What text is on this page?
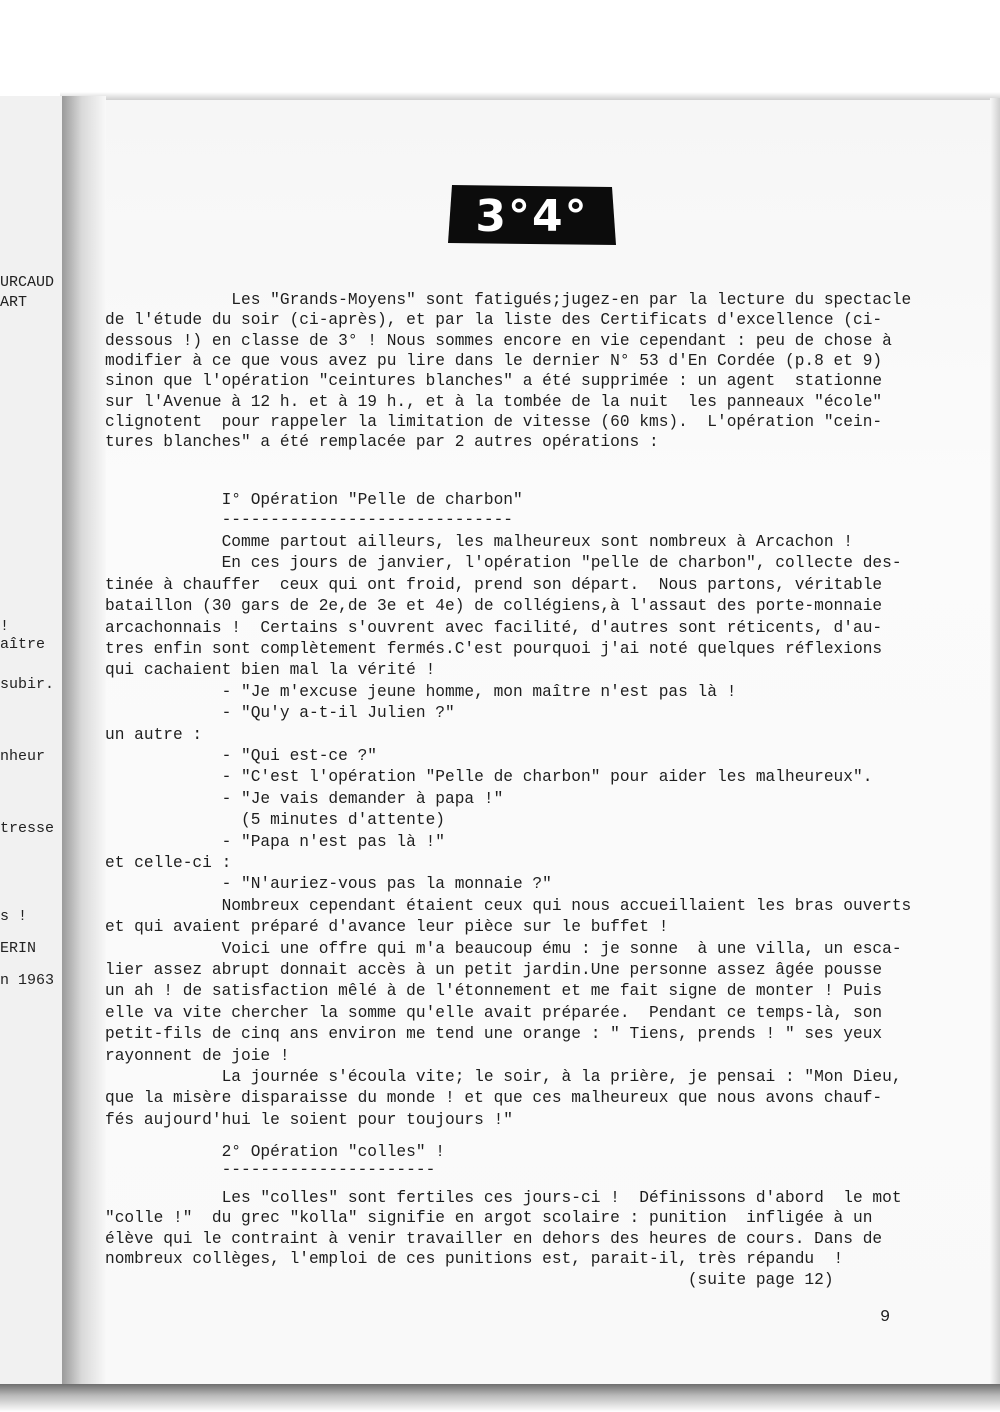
URCAUD
ART
!
aître
subir.
nheur
tresse
s !
ERIN
n 1963
3°4°
Les "Grands-Moyens" sont fatigués;jugez-en par la lecture du spectacle
de l'étude du soir (ci-après), et par la liste des Certificats d'excellence (ci-
dessous !) en classe de 3° ! Nous sommes encore en vie cependant : peu de chose à
modifier à ce que vous avez pu lire dans le dernier N° 53 d'En Cordée (p.8 et 9)
sinon que l'opération "ceintures blanches" a été supprimée : un agent  stationne
sur l'Avenue à 12 h. et à 19 h., et à la tombée de la nuit  les panneaux "école"
clignotent  pour rappeler la limitation de vitesse (60 kms).  L'opération "cein-
tures blanches" a été remplacée par 2 autres opérations :
I° Opération "Pelle de charbon"
------------------------------
Comme partout ailleurs, les malheureux sont nombreux à Arcachon !
En ces jours de janvier, l'opération "pelle de charbon", collecte des-
tinée à chauffer  ceux qui ont froid, prend son départ.  Nous partons, véritable
bataillon (30 gars de 2e,de 3e et 4e) de collégiens,à l'assaut des porte-monnaie
arcachonnais !  Certains s'ouvrent avec facilité, d'autres sont réticents, d'au-
tres enfin sont complètement fermés.C'est pourquoi j'ai noté quelques réflexions
qui cachaient bien mal la vérité !
- "Je m'excuse jeune homme, mon maître n'est pas là !
- "Qu'y a-t-il Julien ?"
un autre :
- "Qui est-ce ?"
- "C'est l'opération "Pelle de charbon" pour aider les malheureux".
- "Je vais demander à papa !"
(5 minutes d'attente)
- "Papa n'est pas là !"
et celle-ci :
- "N'auriez-vous pas la monnaie ?"
Nombreux cependant étaient ceux qui nous accueillaient les bras ouverts
et qui avaient préparé d'avance leur pièce sur le buffet !
Voici une offre qui m'a beaucoup ému : je sonne  à une villa, un esca-
lier assez abrupt donnait accès à un petit jardin.Une personne assez âgée pousse
un ah ! de satisfaction mêlé à de l'étonnement et me fait signe de monter ! Puis
elle va vite chercher la somme qu'elle avait préparée.  Pendant ce temps-là, son
petit-fils de cinq ans environ me tend une orange : " Tiens, prends ! " ses yeux
rayonnent de joie !
La journée s'écoula vite; le soir, à la prière, je pensai : "Mon Dieu,
que la misère disparaisse du monde ! et que ces malheureux que nous avons chauf-
fés aujourd'hui le soient pour toujours !"
2° Opération "colles" !
----------------------
Les "colles" sont fertiles ces jours-ci !  Définissons d'abord  le mot
"colle !"  du grec "kolla" signifie en argot scolaire : punition  infligée à un
élève qui le contraint à venir travailler en dehors des heures de cours. Dans de
nombreux collèges, l'emploi de ces punitions est, parait-il, très répandu  !
(suite page 12)
9
